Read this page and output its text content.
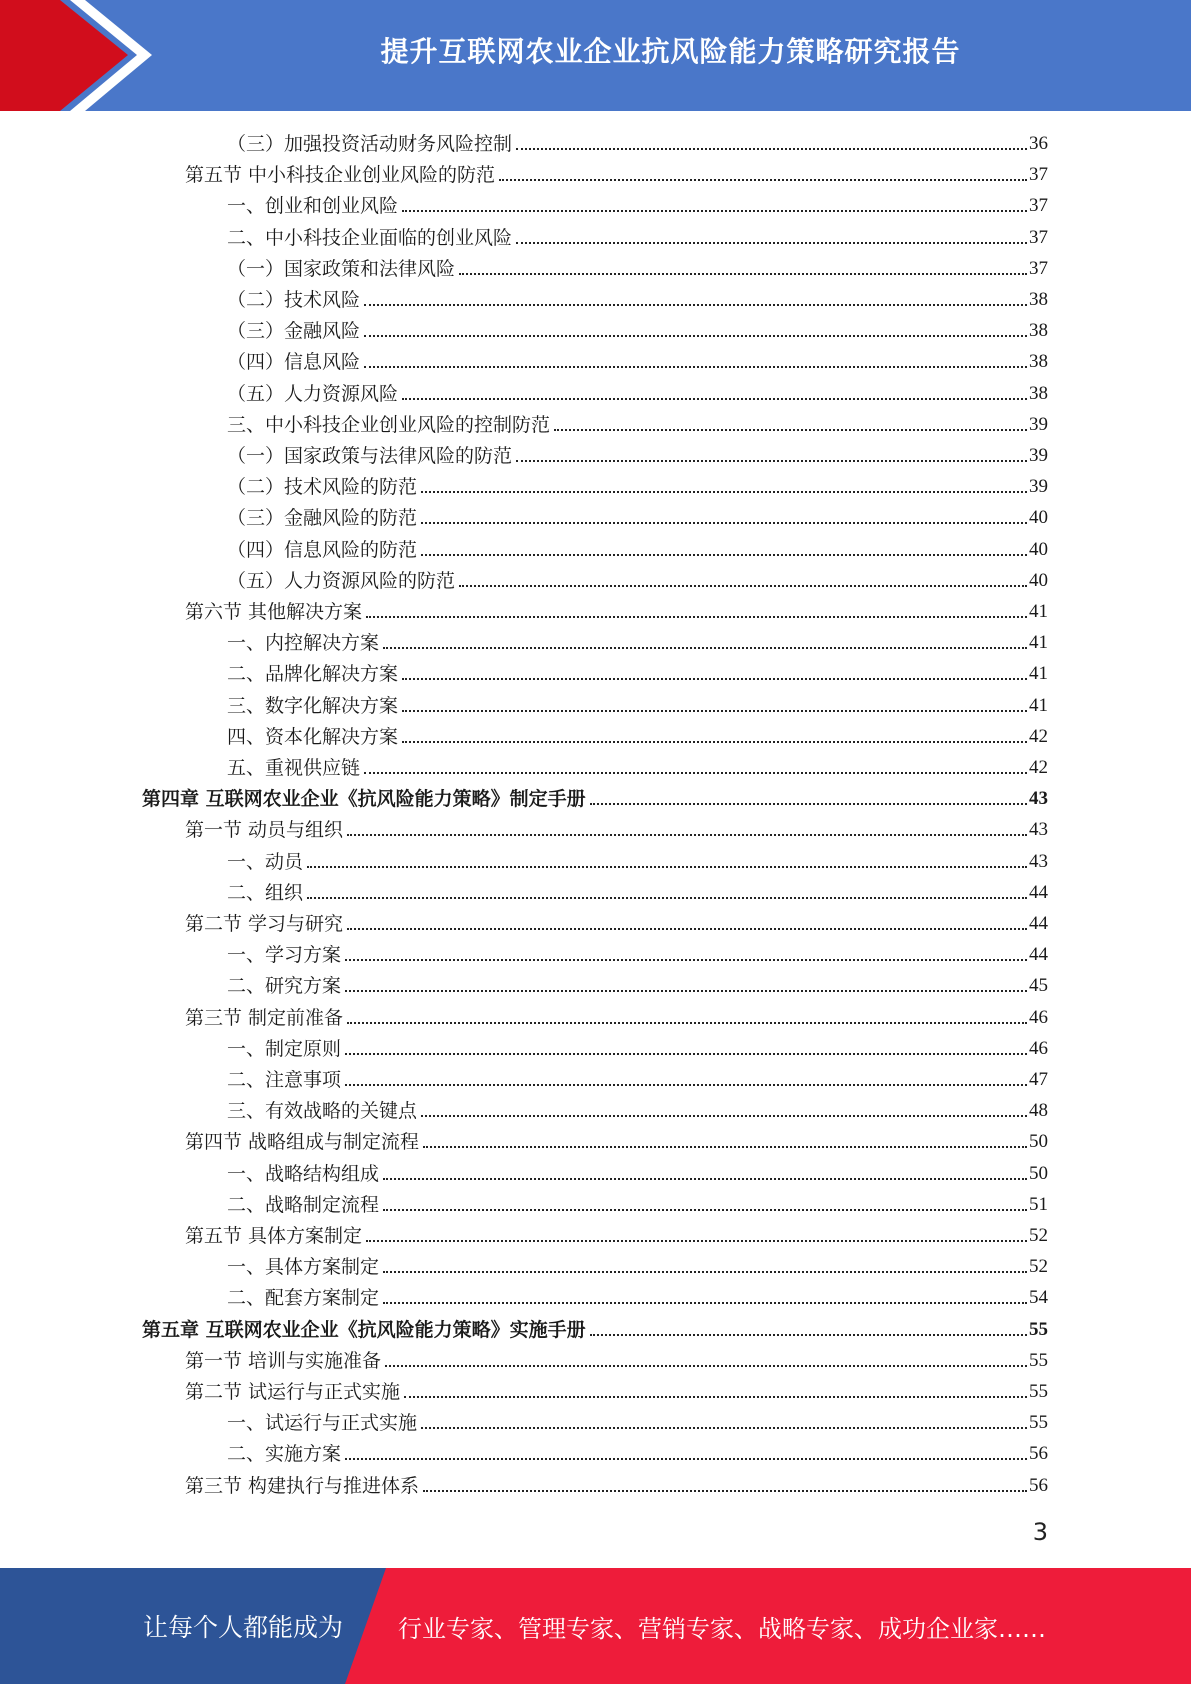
提升互联网农业企业抗风险能力策略研究报告
（三）加强投资活动财务风险控制	36
第五节 中小科技企业创业风险的防范	37
一、创业和创业风险	37
二、中小科技企业面临的创业风险	37
（一）国家政策和法律风险	37
（二）技术风险	38
（三）金融风险	38
（四）信息风险	38
（五）人力资源风险	38
三、中小科技企业创业风险的控制防范	39
（一）国家政策与法律风险的防范	39
（二）技术风险的防范	39
（三）金融风险的防范	40
（四）信息风险的防范	40
（五）人力资源风险的防范	40
第六节 其他解决方案	41
一、内控解决方案	41
二、品牌化解决方案	41
三、数字化解决方案	41
四、资本化解决方案	42
五、重视供应链	42
第四章 互联网农业企业《抗风险能力策略》制定手册	43
第一节 动员与组织	43
一、动员	43
二、组织	44
第二节 学习与研究	44
一、学习方案	44
二、研究方案	45
第三节 制定前准备	46
一、制定原则	46
二、注意事项	47
三、有效战略的关键点	48
第四节 战略组成与制定流程	50
一、战略结构组成	50
二、战略制定流程	51
第五节 具体方案制定	52
一、具体方案制定	52
二、配套方案制定	54
第五章 互联网农业企业《抗风险能力策略》实施手册	55
第一节 培训与实施准备	55
第二节 试运行与正式实施	55
一、试运行与正式实施	55
二、实施方案	56
第三节 构建执行与推进体系	56
3
让每个人都能成为 行业专家、管理专家、营销专家、战略专家、成功企业家……
